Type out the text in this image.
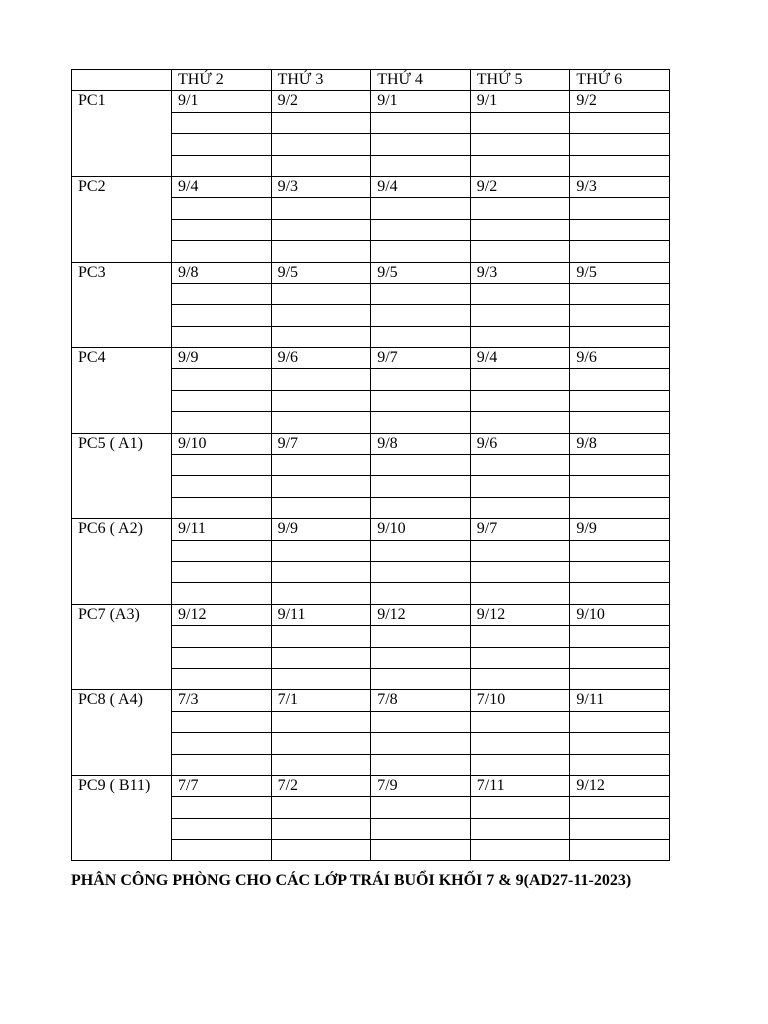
	THỨ 2	THỨ 3	THỨ 4	THỨ 5	THỨ 6
PC1	9/1	9/2	9/1	9/1	9/2

PC2	9/4	9/3	9/4	9/2	9/3

PC3	9/8	9/5	9/5	9/3	9/5

PC4	9/9	9/6	9/7	9/4	9/6

PC5 ( A1)	9/10	9/7	9/8	9/6	9/8

PC6 ( A2)	9/11	9/9	9/10	9/7	9/9

PC7 (A3)	9/12	9/11	9/12	9/12	9/10

PC8 ( A4)	7/3	7/1	7/8	7/10	9/11

PC9 ( B11)	7/7	7/2	7/9	7/11	9/12

PHÂN CÔNG PHÒNG CHO CÁC LỚP TRÁI BUỔI KHỐI 7 & 9(AD27-11-2023)
